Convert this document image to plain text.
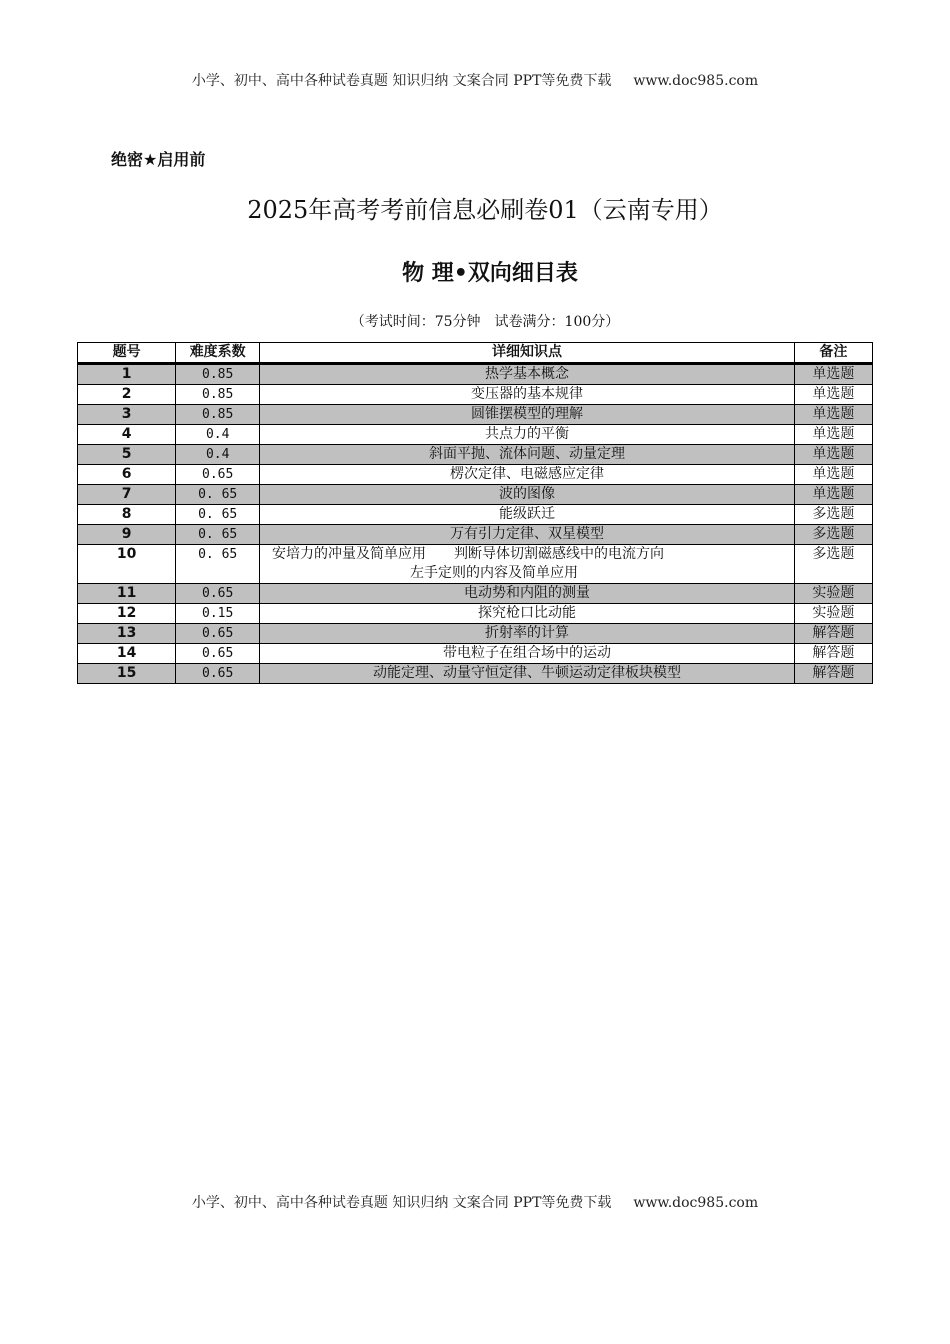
小学、初中、高中各种试卷真题 知识归纳 文案合同 PPT等免费下载 www.doc985.com
绝密★启用前
2025年高考考前信息必刷卷01（云南专用）
物 理•双向细目表
（考试时间：75分钟　试卷满分：100分）
题号	难度系数	详细知识点	备注
1	0.85	热学基本概念	单选题
2	0.85	变压器的基本规律	单选题
3	0.85	圆锥摆模型的理解	单选题
4	0.4	共点力的平衡	单选题
5	0.4	斜面平抛、流体问题、动量定理	单选题
6	0.65	楞次定律、电磁感应定律	单选题
7	0. 65	波的图像	单选题
8	0. 65	能级跃迁	多选题
9	0. 65	万有引力定律、双星模型	多选题
10	0. 65	安培力的冲量及简单应用　　判断导体切割磁感线中的电流方向
左手定则的内容及简单应用	多选题
11	0.65	电动势和内阻的测量	实验题
12	0.15	探究枪口比动能	实验题
13	0.65	折射率的计算	解答题
14	0.65	带电粒子在组合场中的运动	解答题
15	0.65	动能定理、动量守恒定律、牛顿运动定律板块模型	解答题
小学、初中、高中各种试卷真题 知识归纳 文案合同 PPT等免费下载 www.doc985.com
